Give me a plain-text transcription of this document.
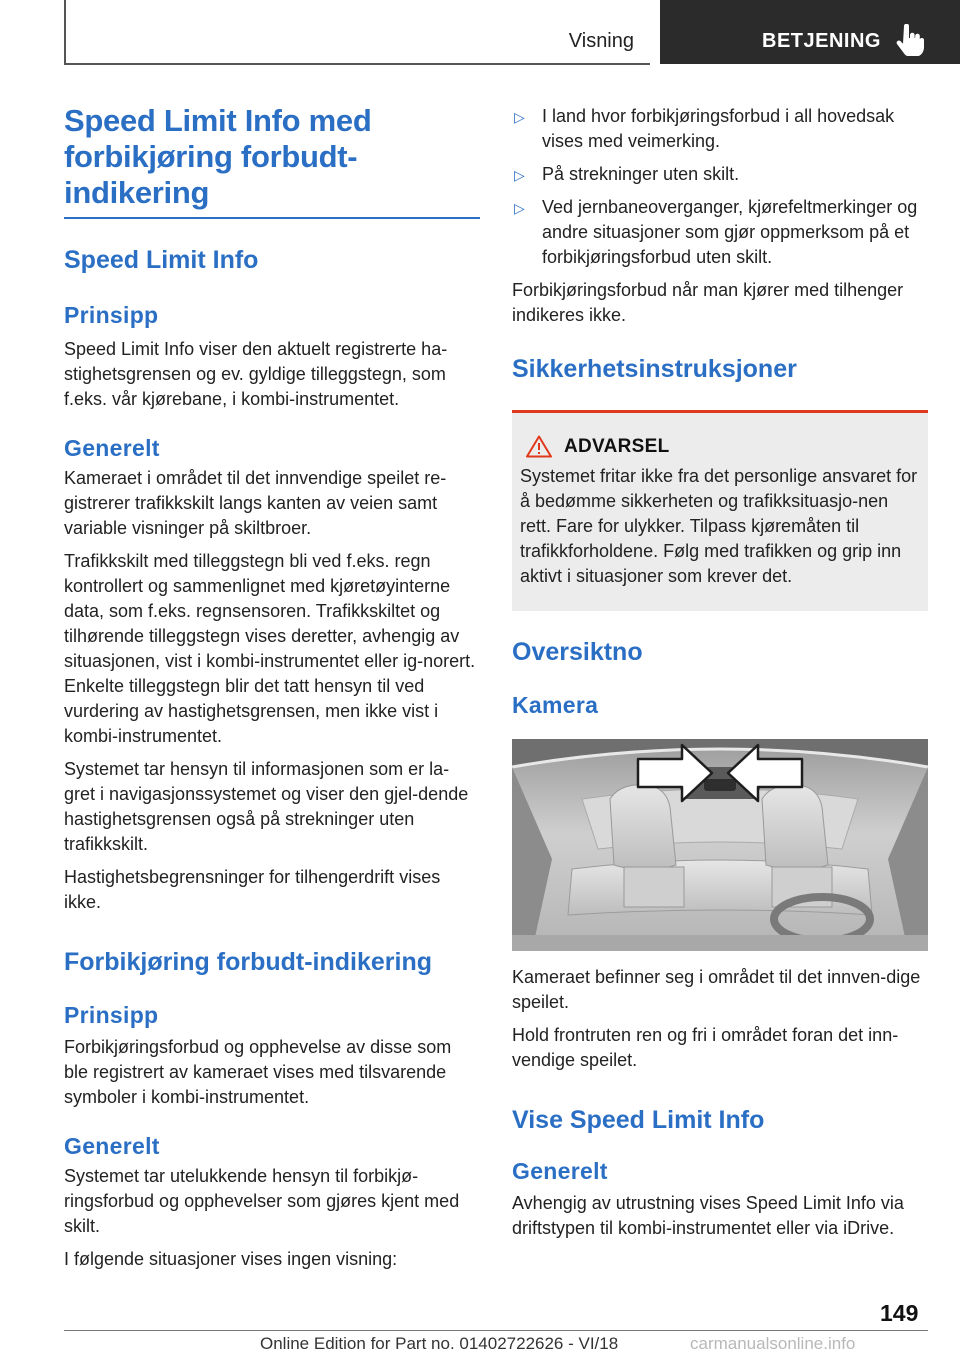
Visning	BETJENING
Speed Limit Info med forbikjøring forbudt-indikering
Speed Limit Info
Prinsipp

Speed Limit Info viser den aktuelt registrerte ha-stighetsgrensen og ev. gyldige tilleggstegn, som f.eks. vår kjørebane, i kombi-instrumentet.

Generelt

Kameraet i området til det innvendige speilet re-gistrerer trafikkskilt langs kanten av veien samt variable visninger på skiltbroer.

Trafikkskilt med tilleggstegn bli ved f.eks. regn kontrollert og sammenlignet med kjøretøyinterne data, som f.eks. regnsensoren. Trafikkskiltet og tilhørende tilleggstegn vises deretter, avhengig av situasjonen, vist i kombi-instrumentet eller ig-norert. Enkelte tilleggstegn blir det tatt hensyn til ved vurdering av hastighetsgrensen, men ikke vist i kombi-instrumentet.

Systemet tar hensyn til informasjonen som er la-gret i navigasjonssystemet og viser den gjel-dende hastighetsgrensen også på strekninger uten trafikkskilt.

Hastighetsbegrensninger for tilhengerdrift vises ikke.

Forbikjøring forbudt-indikering
Prinsipp

Forbikjøringsforbud og opphevelse av disse som ble registrert av kameraet vises med tilsvarende symboler i kombi-instrumentet.

Generelt

Systemet tar utelukkende hensyn til forbikjø-ringsforbud og opphevelser som gjøres kjent med skilt.

I følgende situasjoner vises ingen visning:

▷ I land hvor forbikjøringsforbud i all hovedsak vises med veimerking.
▷ På strekninger uten skilt.
▷ Ved jernbaneoverganger, kjørefeltmerkinger og andre situasjoner som gjør oppmerksom på et forbikjøringsforbud uten skilt.

Forbikjøringsforbud når man kjører med tilhenger indikeres ikke.

Sikkerhetsinstruksjoner
ADVARSEL

Systemet fritar ikke fra det personlige ansvaret for å bedømme sikkerheten og trafikksituasjo-nen rett. Fare for ulykker. Tilpass kjøremåten til trafikkforholdene. Følg med trafikken og grip inn aktivt i situasjoner som krever det.

Oversiktno
Kamera

Kameraet befinner seg i området til det innven-dige speilet.

Hold frontruten ren og fri i området foran det inn-vendige speilet.

Vise Speed Limit Info
Generelt

Avhengig av utrustning vises Speed Limit Info via driftstypen til kombi-instrumentet eller via iDrive.

149
Online Edition for Part no. 01402722626 - VI/18	carmanualsonline.info
